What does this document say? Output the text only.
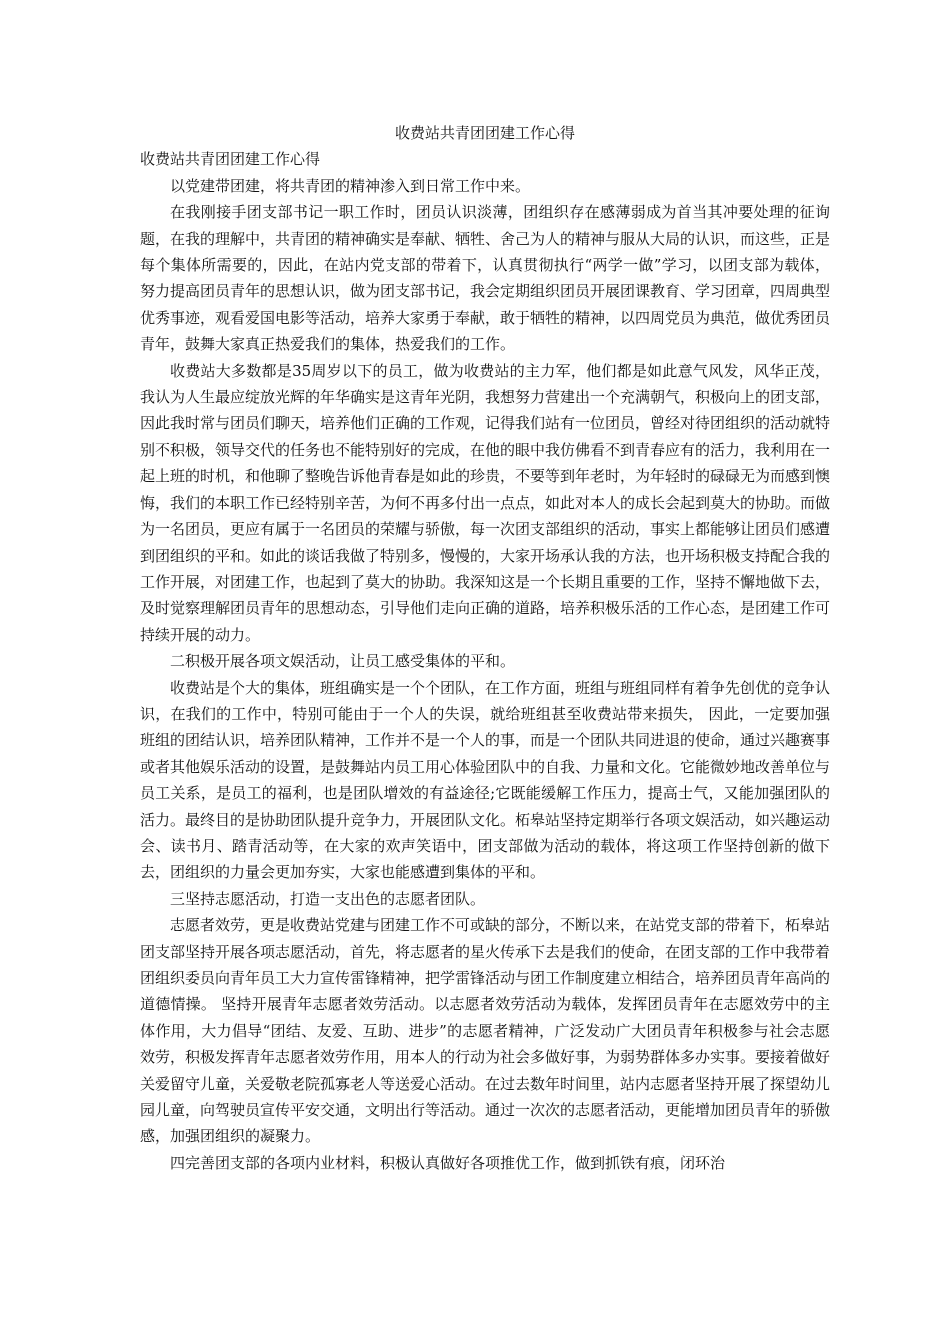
收费站共青团团建工作心得
收费站共青团团建工作心得

以党建带团建，将共青团的精神渗入到日常工作中来。

在我刚接手团支部书记一职工作时，团员认识淡薄，团组织存在感薄弱成为首当其冲要处理的征询题，在我的理解中，共青团的精神确实是奉献、牺牲、舍己为人的精神与服从大局的认识，而这些，正是每个集体所需要的，因此，在站内党支部的带着下，认真贯彻执行“两学一做”学习，以团支部为载体，努力提高团员青年的思想认识，做为团支部书记，我会定期组织团员开展团课教育、学习团章，四周典型优秀事迹，观看爱国电影等活动，培养大家勇于奉献，敢于牺牲的精神，以四周党员为典范，做优秀团员青年，鼓舞大家真正热爱我们的集体，热爱我们的工作。

收费站大多数都是35周岁以下的员工，做为收费站的主力军，他们都是如此意气风发，风华正茂，我认为人生最应绽放光辉的年华确实是这青年光阴，我想努力营建出一个充满朝气，积极向上的团支部，因此我时常与团员们聊天，培养他们正确的工作观，记得我们站有一位团员，曾经对待团组织的活动就特别不积极，领导交代的任务也不能特别好的完成，在他的眼中我仿佛看不到青春应有的活力，我利用在一起上班的时机，和他聊了整晚告诉他青春是如此的珍贵，不要等到年老时，为年轻时的碌碌无为而感到懊悔，我们的本职工作已经特别辛苦，为何不再多付出一点点，如此对本人的成长会起到莫大的协助。而做为一名团员，更应有属于一名团员的荣耀与骄傲，每一次团支部组织的活动，事实上都能够让团员们感遭到团组织的平和。如此的谈话我做了特别多，慢慢的，大家开场承认我的方法，也开场积极支持配合我的工作开展，对团建工作，也起到了莫大的协助。我深知这是一个长期且重要的工作，坚持不懈地做下去，及时觉察理解团员青年的思想动态，引导他们走向正确的道路，培养积极乐活的工作心态，是团建工作可持续开展的动力。

二积极开展各项文娱活动，让员工感受集体的平和。

收费站是个大的集体，班组确实是一个个团队，在工作方面，班组与班组同样有着争先创优的竞争认识，在我们的工作中，特别可能由于一个人的失误，就给班组甚至收费站带来损失， 因此，一定要加强班组的团结认识，培养团队精神，工作并不是一个人的事，而是一个团队共同进退的使命，通过兴趣赛事或者其他娱乐活动的设置，是鼓舞站内员工用心体验团队中的自我、力量和文化。它能微妙地改善单位与员工关系，是员工的福利，也是团队增效的有益途径;它既能缓解工作压力，提高士气，又能加强团队的活力。最终目的是协助团队提升竞争力，开展团队文化。柘皋站坚持定期举行各项文娱活动，如兴趣运动会、读书月、踏青活动等，在大家的欢声笑语中，团支部做为活动的载体，将这项工作坚持创新的做下去，团组织的力量会更加夯实，大家也能感遭到集体的平和。

三坚持志愿活动，打造一支出色的志愿者团队。

志愿者效劳，更是收费站党建与团建工作不可或缺的部分，不断以来，在站党支部的带着下，柘皋站团支部坚持开展各项志愿活动，首先，将志愿者的星火传承下去是我们的使命，在团支部的工作中我带着团组织委员向青年员工大力宣传雷锋精神，把学雷锋活动与团工作制度建立相结合，培养团员青年高尚的道德情操。 坚持开展青年志愿者效劳活动。以志愿者效劳活动为载体，发挥团员青年在志愿效劳中的主体作用，大力倡导“团结、友爱、互助、进步”的志愿者精神，广泛发动广大团员青年积极参与社会志愿效劳，积极发挥青年志愿者效劳作用，用本人的行动为社会多做好事，为弱势群体多办实事。要接着做好关爱留守儿童，关爱敬老院孤寡老人等送爱心活动。在过去数年时间里，站内志愿者坚持开展了探望幼儿园儿童，向驾驶员宣传平安交通，文明出行等活动。通过一次次的志愿者活动，更能增加团员青年的骄傲感，加强团组织的凝聚力。

四完善团支部的各项内业材料，积极认真做好各项推优工作，做到抓铁有痕，闭环治
